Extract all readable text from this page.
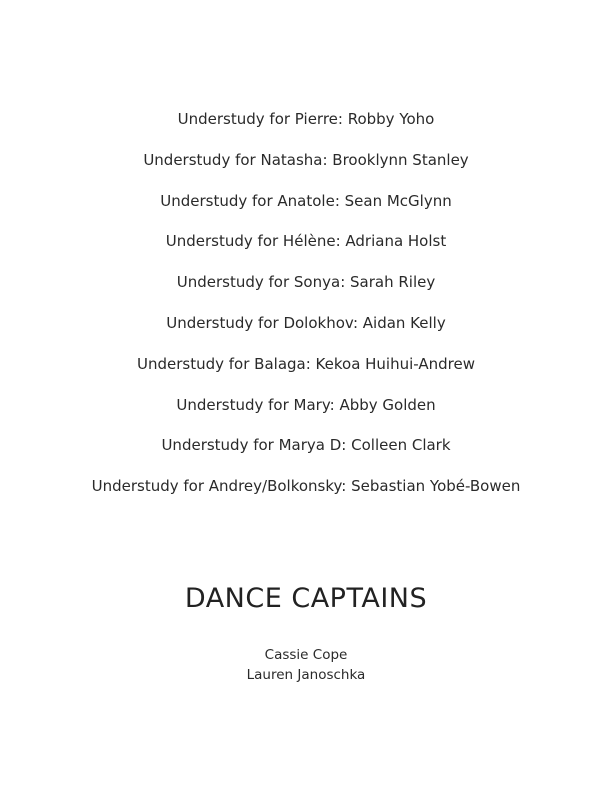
Understudy for Pierre: Robby Yoho
Understudy for Natasha: Brooklynn Stanley
Understudy for Anatole: Sean McGlynn
Understudy for Hélène: Adriana Holst
Understudy for Sonya: Sarah Riley
Understudy for Dolokhov: Aidan Kelly
Understudy for Balaga: Kekoa Huihui-Andrew
Understudy for Mary: Abby Golden
Understudy for Marya D: Colleen Clark
Understudy for Andrey/Bolkonsky: Sebastian Yobé-Bowen
DANCE CAPTAINS
Cassie Cope
Lauren Janoschka
